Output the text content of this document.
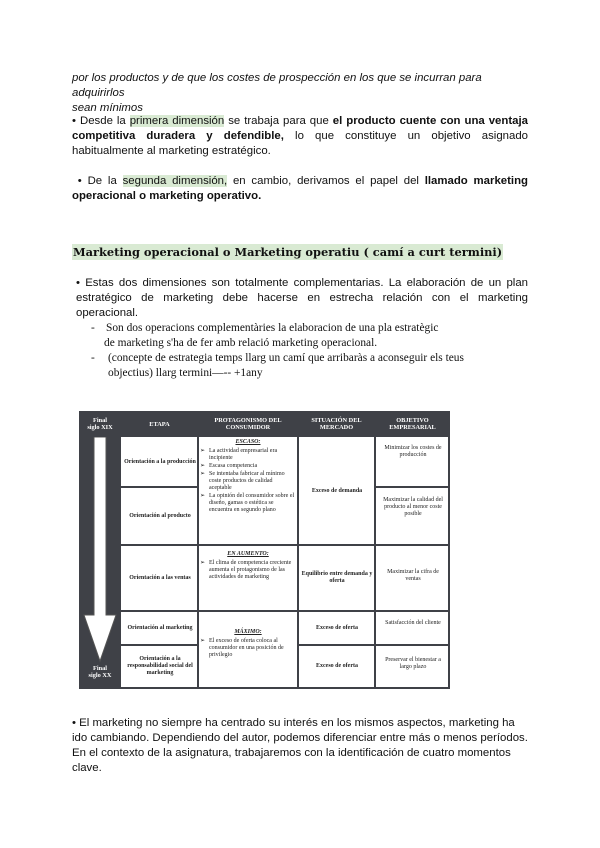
por los productos y de que los costes de prospección en los que se incurran para adquirirlos
sean mínimos
• Desde la primera dimensión se trabaja para que el producto cuente con una ventaja competitiva duradera y defendible, lo que constituye un objetivo asignado habitualmente al marketing estratégico.
• De la segunda dimensión, en cambio, derivamos el papel del llamado marketing operacional o marketing operativo.
Marketing operacional o Marketing operatiu ( camí a curt termini)
• Estas dos dimensiones son totalmente complementarias. La elaboración de un plan estratégico de marketing debe hacerse en estrecha relación con el marketing operacional.
- Son dos operacions complementàries la elaboracion de una pla estratègic
de marketing s'ha de fer amb relació marketing operacional.
- (concepte de estrategia temps llarg un camí que arribaràs a aconseguir els teus
objectius) llarg termini—-- +1any
Final
siglo XIX
Final
siglo XX
ETAPA	PROTAGONISMO DEL CONSUMIDOR
SITUACIÓN DEL MERCADO
OBJETIVO EMPRESARIAL
Orientación a la producción
Orientación al producto
Orientación a las ventas
Orientación al marketing
Orientación a la responsabilidad social del marketing
ESCASO:
➢ La actividad empresarial era incipiente
➢ Escasa competencia
➢ Se intentaba fabricar al mínimo coste productos de calidad aceptable
➢ La opinión del consumidor sobre el diseño, gamas o estética se encuentra en segundo plano
EN AUMENTO:
➢ El clima de competencia creciente aumenta el protagonismo de las actividades de marketing
MÁXIMO:
➢ El exceso de oferta coloca al consumidor en una posición de privilegio
Exceso de demanda
Equilibrio entre demanda y oferta
Exceso de oferta
Exceso de oferta
Minimizar los costes de producción
Maximizar la calidad del producto al menor coste posible
Maximizar la cifra de ventas
Satisfacción del cliente
Preservar el bienestar a largo plazo
• El marketing no siempre ha centrado su interés en los mismos aspectos, marketing ha ido cambiando. Dependiendo del autor, podemos diferenciar entre más o menos períodos. En el contexto de la asignatura, trabajaremos con la identificación de cuatro momentos clave.
